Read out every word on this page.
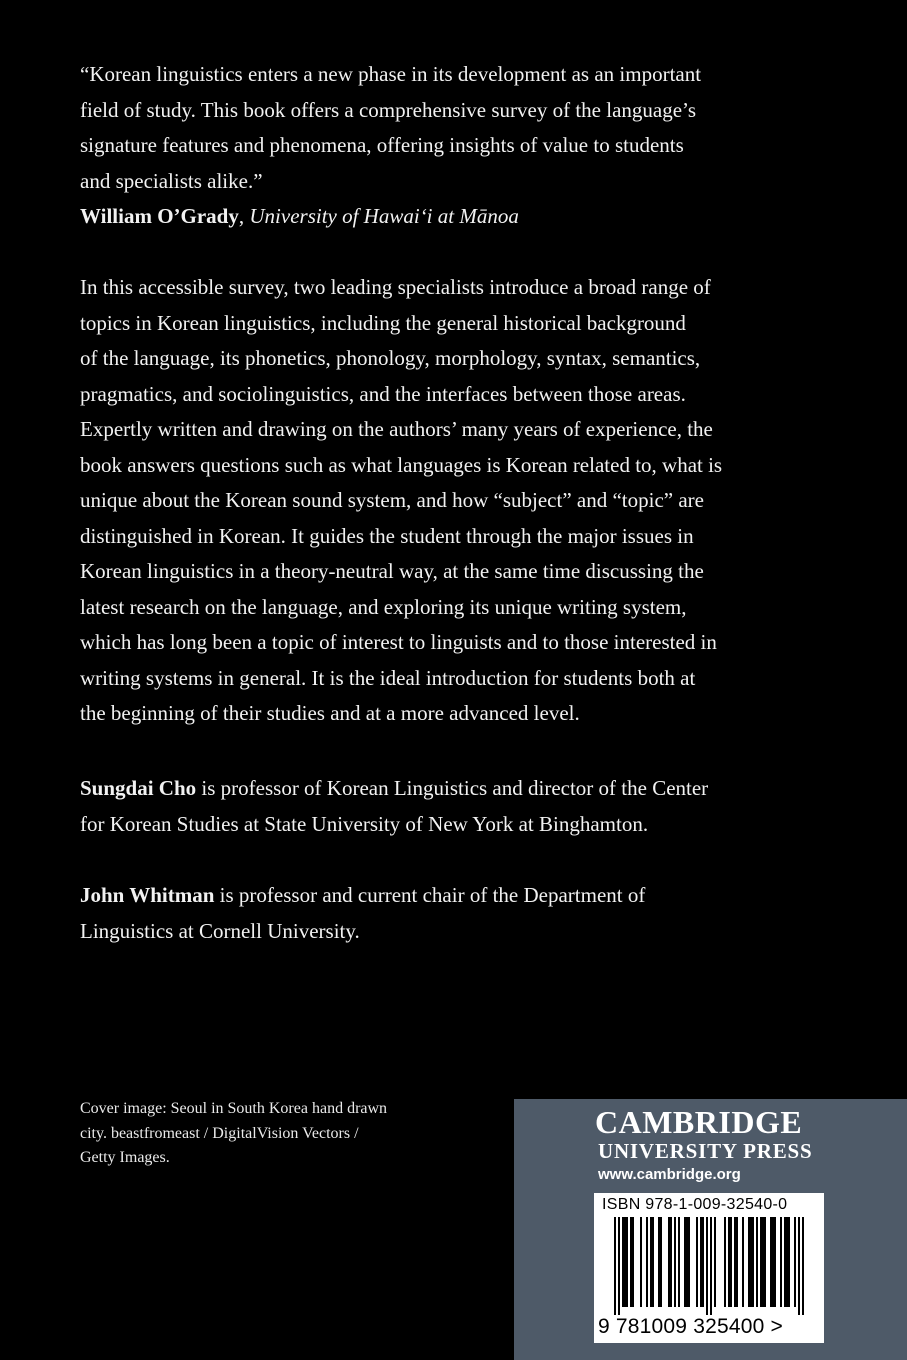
“Korean linguistics enters a new phase in its development as an important
field of study. This book offers a comprehensive survey of the language’s
signature features and phenomena, offering insights of value to students
and specialists alike.”
William O’Grady, University of Hawai‘i at Mānoa
In this accessible survey, two leading specialists introduce a broad range of
topics in Korean linguistics, including the general historical background
of the language, its phonetics, phonology, morphology, syntax, semantics,
pragmatics, and sociolinguistics, and the interfaces between those areas.
Expertly written and drawing on the authors’ many years of experience, the
book answers questions such as what languages is Korean related to, what is
unique about the Korean sound system, and how “subject” and “topic” are
distinguished in Korean. It guides the student through the major issues in
Korean linguistics in a theory-neutral way, at the same time discussing the
latest research on the language, and exploring its unique writing system,
which has long been a topic of interest to linguists and to those interested in
writing systems in general. It is the ideal introduction for students both at
the beginning of their studies and at a more advanced level.
Sungdai Cho is professor of Korean Linguistics and director of the Center
for Korean Studies at State University of New York at Binghamton.
John Whitman is professor and current chair of the Department of
Linguistics at Cornell University.
Cover image: Seoul in South Korea hand drawn
city. beastfromeast / DigitalVision Vectors /
Getty Images.
CAMBRIDGE
UNIVERSITY PRESS
www.cambridge.org
ISBN 978-1-009-32540-0
9 781009 325400 >
